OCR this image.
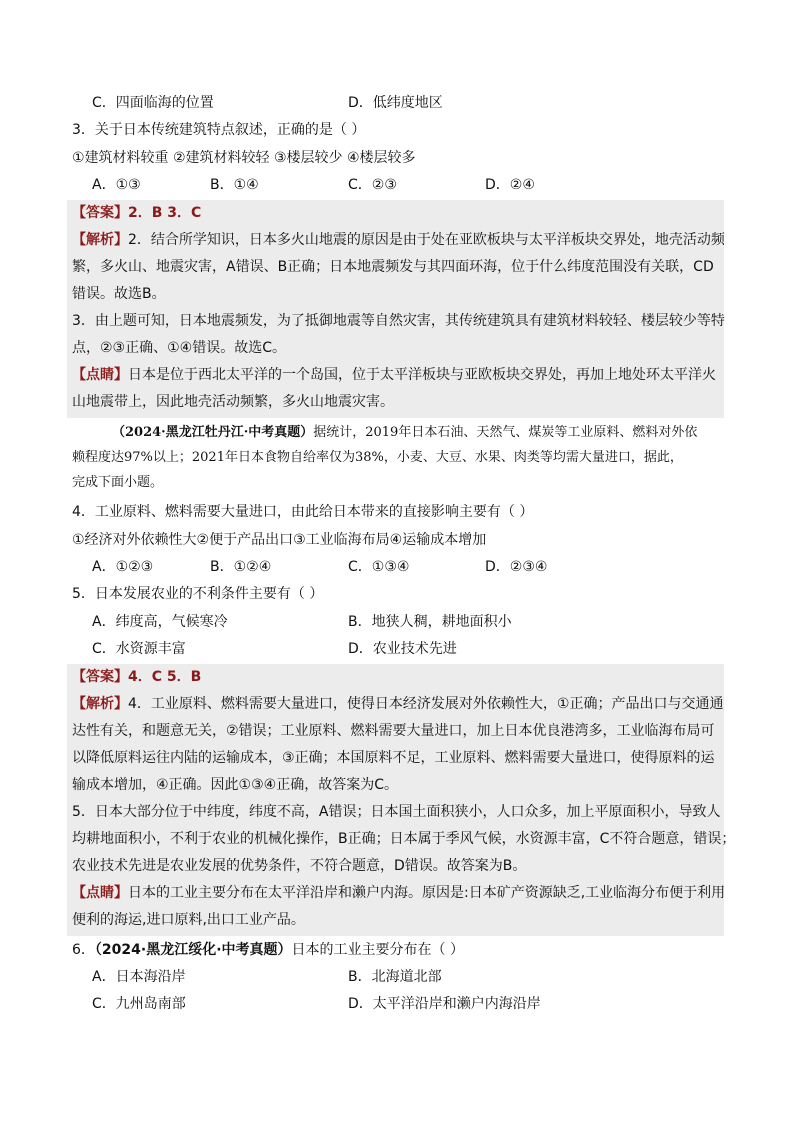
C．四面临海的位置	D．低纬度地区
3．关于日本传统建筑特点叙述，正确的是（ ）
①建筑材料较重 ②建筑材料较轻 ③楼层较少 ④楼层较多
A．①③	B．①④	C．②③	D．②④
【答案】2．B 3．C
【解析】2．结合所学知识，日本多火山地震的原因是由于处在亚欧板块与太平洋板块交界处，地壳活动频
繁，多火山、地震灾害，A错误、B正确；日本地震频发与其四面环海，位于什么纬度范围没有关联，CD
错误。故选B。
3．由上题可知，日本地震频发，为了抵御地震等自然灾害，其传统建筑具有建筑材料较轻、楼层较少等特
点，②③正确、①④错误。故选C。
【点睛】日本是位于西北太平洋的一个岛国，位于太平洋板块与亚欧板块交界处，再加上地处环太平洋火
山地震带上，因此地壳活动频繁，多火山地震灾害。
（2024·黑龙江牡丹江·中考真题）据统计，2019年日本石油、天然气、煤炭等工业原料、燃料对外依
赖程度达97%以上；2021年日本食物自给率仅为38%，小麦、大豆、水果、肉类等均需大量进口，据此，
完成下面小题。
4．工业原料、燃料需要大量进口，由此给日本带来的直接影响主要有（ ）
①经济对外依赖性大②便于产品出口③工业临海布局④运输成本增加
A．①②③	B．①②④	C．①③④	D．②③④
5．日本发展农业的不利条件主要有（ ）
A．纬度高，气候寒冷	B．地狭人稠，耕地面积小
C．水资源丰富	D．农业技术先进
【答案】4．C 5．B
【解析】4．工业原料、燃料需要大量进口，使得日本经济发展对外依赖性大，①正确；产品出口与交通通
达性有关，和题意无关，②错误；工业原料、燃料需要大量进口，加上日本优良港湾多，工业临海布局可
以降低原料运往内陆的运输成本，③正确；本国原料不足，工业原料、燃料需要大量进口，使得原料的运
输成本增加，④正确。因此①③④正确，故答案为C。
5．日本大部分位于中纬度，纬度不高，A错误；日本国土面积狭小，人口众多，加上平原面积小，导致人
均耕地面积小，不利于农业的机械化操作，B正确；日本属于季风气候，水资源丰富，C不符合题意，错误；
农业技术先进是农业发展的优势条件，不符合题意，D错误。故答案为B。
【点睛】日本的工业主要分布在太平洋沿岸和濑户内海。原因是:日本矿产资源缺乏,工业临海分布便于利用
便利的海运,进口原料,出口工业产品。
6．（2024·黑龙江绥化·中考真题）日本的工业主要分布在（ ）
A．日本海沿岸	B．北海道北部
C．九州岛南部	D．太平洋沿岸和濑户内海沿岸
